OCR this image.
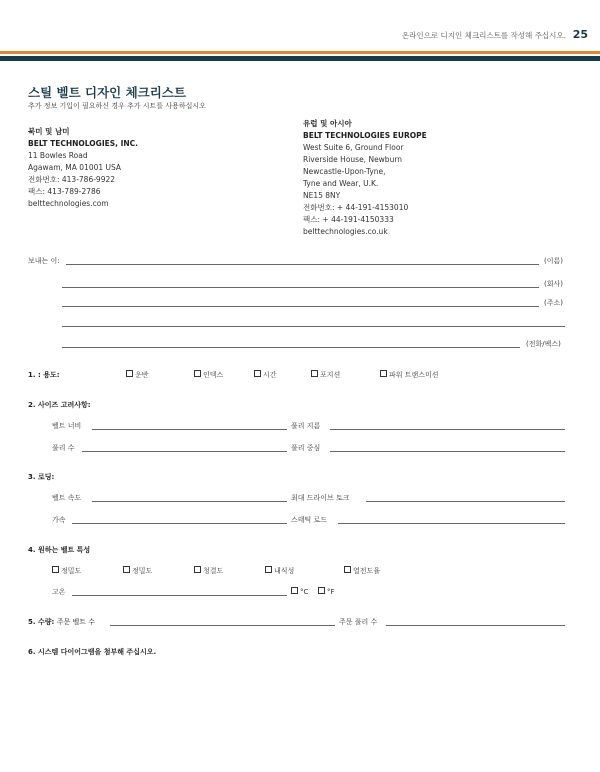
온라인으로 디지인 체크리스트를 작성해 주십시오. 25
스틸 벨트 디자인 체크리스트
추가 정보 기입이 필요하신 경우 추가 시트를 사용하십시오
북미 및 남미
BELT TECHNOLOGIES, INC.
11 Bowles Road
Agawam, MA 01001 USA
전화번호: 413-786-9922
팩스: 413-789-2786
belttechnologies.com
유럽 및 아시아
BELT TECHNOLOGIES EUROPE
West Suite 6, Ground Floor
Riverside House, Newburn
Newcastle-Upon-Tyne,
Tyne and Wear, U.K.
NE15 8NY
전화번호: + 44-191-4153010
팩스: + 44-191-4150333
belttechnologies.co.uk
보내는 이:	(이름)
(회사)
(주소)
(전화/팩스)
1. : 용도:	운반	인덱스	시간	포지션	파워 트랜스미션
2. 사이즈 고려사항:
벨트 너비	풀리 지름
풀리 수	풀리 중심
3. 로딩:
벨트 속도	최대 드라이브 토크
가속	스태틱 로드
4. 원하는 벨트 특성
정밀도	정밀도	청결도	내식성	열전도율
고온	°C	°F
5. 수량: 주문 벨트 수	주문 풀리 수
6. 시스템 다이어그램을 첨부해 주십시오.
